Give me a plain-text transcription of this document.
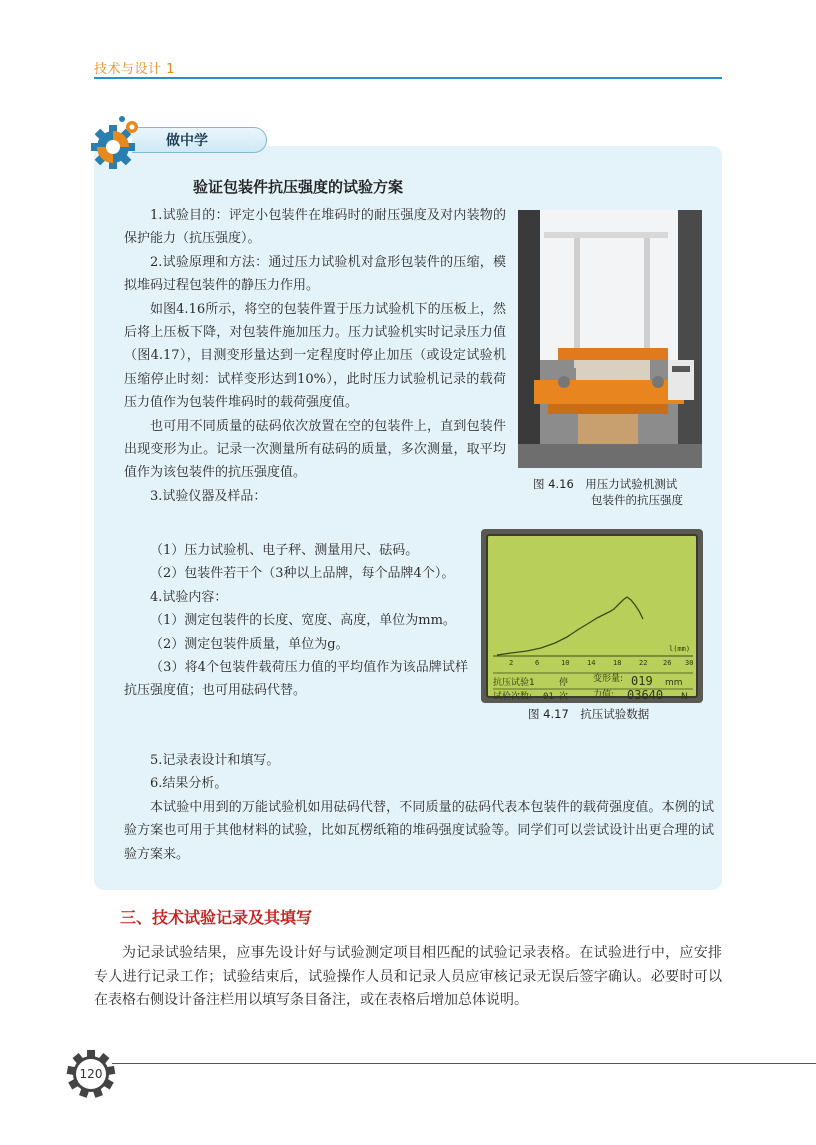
技术与设计 1
做中学
验证包装件抗压强度的试验方案

1.试验目的：评定小包装件在堆码时的耐压强度及对内装物的保护能力（抗压强度）。

2.试验原理和方法：通过压力试验机对盒形包装件的压缩，模拟堆码过程包装件的静压力作用。

如图4.16所示，将空的包装件置于压力试验机下的压板上，然后将上压板下降，对包装件施加压力。压力试验机实时记录压力值（图4.17），目测变形量达到一定程度时停止加压（或设定试验机压缩停止时刻：试样变形达到10%），此时压力试验机记录的载荷压力值作为包装件堆码时的载荷强度值。

也可用不同质量的砝码依次放置在空的包装件上，直到包装件出现变形为止。记录一次测量所有砝码的质量，多次测量，取平均值作为该包装件的抗压强度值。

3.试验仪器及样品：

（1）压力试验机、电子秤、测量用尺、砝码。

（2）包装件若干个（3种以上品牌，每个品牌4个）。

4.试验内容：

（1）测定包装件的长度、宽度、高度，单位为mm。

（2）测定包装件质量，单位为g。

（3）将4个包装件载荷压力值的平均值作为该品牌试样抗压强度值；也可用砝码代替。

5.记录表设计和填写。

6.结果分析。

本试验中用到的万能试验机如用砝码代替，不同质量的砝码代表本包装件的载荷强度值。本例的试验方案也可用于其他材料的试验，比如瓦楞纸箱的堆码强度试验等。同学们可以尝试设计出更合理的试验方案来。

图 4.16　用压力试验机测试
包装件的抗压强度
l(mm)
2	6	10	14	18	22 26 30
抗压试验1	停	变形量: 019 mm
试验次数: 01 次	力值: 03640 N
图 4.17　抗压试验数据
三、技术试验记录及其填写

为记录试验结果，应事先设计好与试验测定项目相匹配的试验记录表格。在试验进行中，应安排专人进行记录工作；试验结束后，试验操作人员和记录人员应审核记录无误后签字确认。必要时可以在表格右侧设计备注栏用以填写条目备注，或在表格后增加总体说明。

120
